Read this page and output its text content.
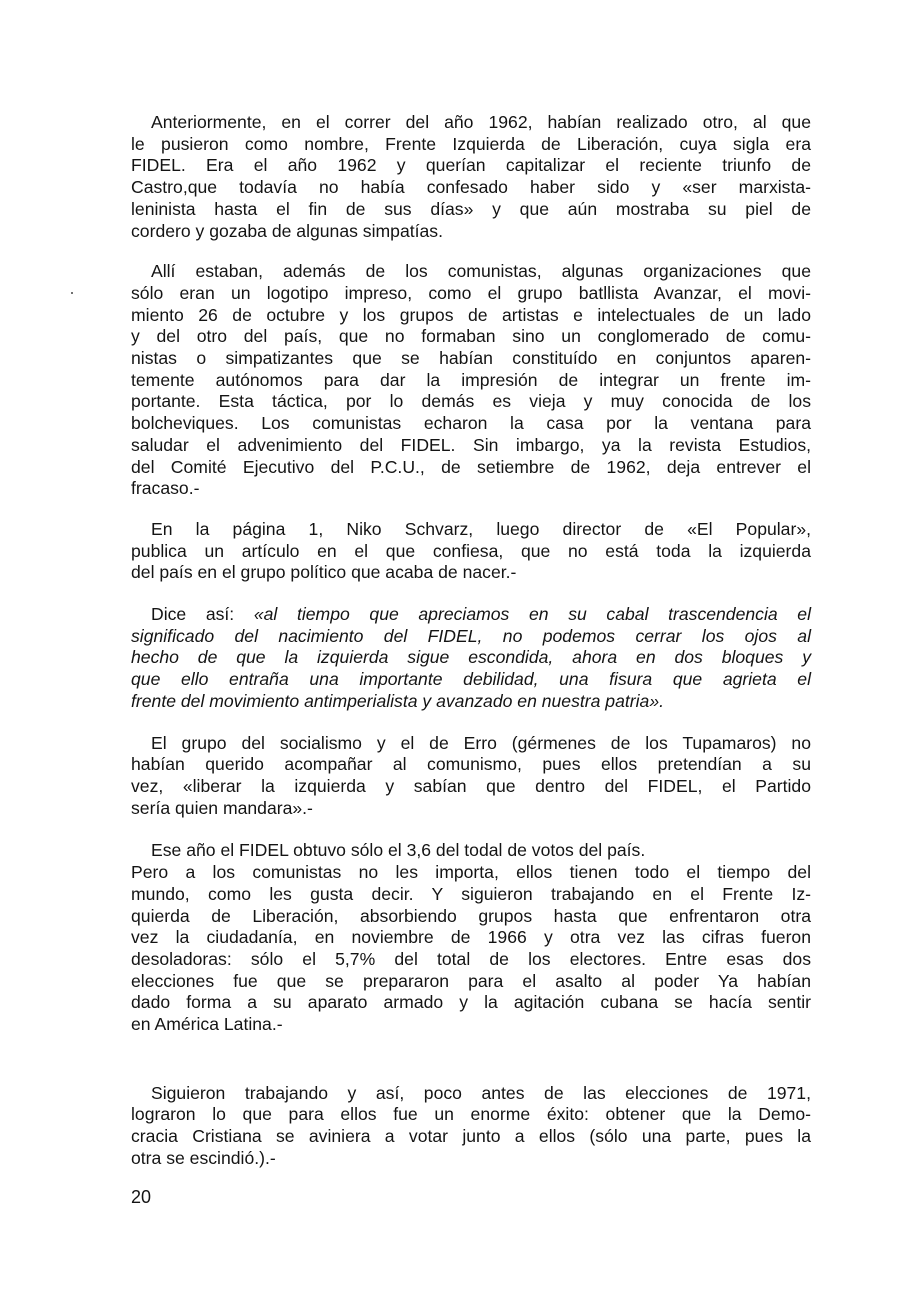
Anteriormente, en el correr del año 1962, habían realizado otro, al que
le pusieron como nombre, Frente Izquierda de Liberación, cuya sigla era
FIDEL. Era el año 1962 y querían capitalizar el reciente triunfo de
Castro,que todavía no había confesado haber sido y «ser marxista-
leninista hasta el fin de sus días» y que aún mostraba su piel de
cordero y gozaba de algunas simpatías.
Allí estaban, además de los comunistas, algunas organizaciones que
sólo eran un logotipo impreso, como el grupo batllista Avanzar, el movi-
miento 26 de octubre y los grupos de artistas e intelectuales de un lado
y del otro del país, que no formaban sino un conglomerado de comu-
nistas o simpatizantes que se habían constituído en conjuntos aparen-
temente autónomos para dar la impresión de integrar un frente im-
portante. Esta táctica, por lo demás es vieja y muy conocida de los
bolcheviques. Los comunistas echaron la casa por la ventana para
saludar el advenimiento del FIDEL. Sin imbargo, ya la revista Estudios,
del Comité Ejecutivo del P.C.U., de setiembre de 1962, deja entrever el
fracaso.-
En la página 1, Niko Schvarz, luego director de «El Popular»,
publica un artículo en el que confiesa, que no está toda la izquierda
del país en el grupo político que acaba de nacer.-
Dice así: «al tiempo que apreciamos en su cabal trascendencia el
significado del nacimiento del FIDEL, no podemos cerrar los ojos al
hecho de que la izquierda sigue escondida, ahora en dos bloques y
que ello entraña una importante debilidad, una fisura que agrieta el
frente del movimiento antimperialista y avanzado en nuestra patria».
El grupo del socialismo y el de Erro (gérmenes de los Tupamaros) no
habían querido acompañar al comunismo, pues ellos pretendían a su
vez, «liberar la izquierda y sabían que dentro del FIDEL, el Partido
sería quien mandara».-
Ese año el FIDEL obtuvo sólo el 3,6 del todal de votos del país.
Pero a los comunistas no les importa, ellos tienen todo el tiempo del
mundo, como les gusta decir. Y siguieron trabajando en el Frente Iz-
quierda de Liberación, absorbiendo grupos hasta que enfrentaron otra
vez la ciudadanía, en noviembre de 1966 y otra vez las cifras fueron
desoladoras: sólo el 5,7% del total de los electores. Entre esas dos
elecciones fue que se prepararon para el asalto al poder Ya habían
dado forma a su aparato armado y la agitación cubana se hacía sentir
en América Latina.-
Siguieron trabajando y así, poco antes de las elecciones de 1971,
lograron lo que para ellos fue un enorme éxito: obtener que la Demo-
cracia Cristiana se aviniera a votar junto a ellos (sólo una parte, pues la
otra se escindió.).-
20
